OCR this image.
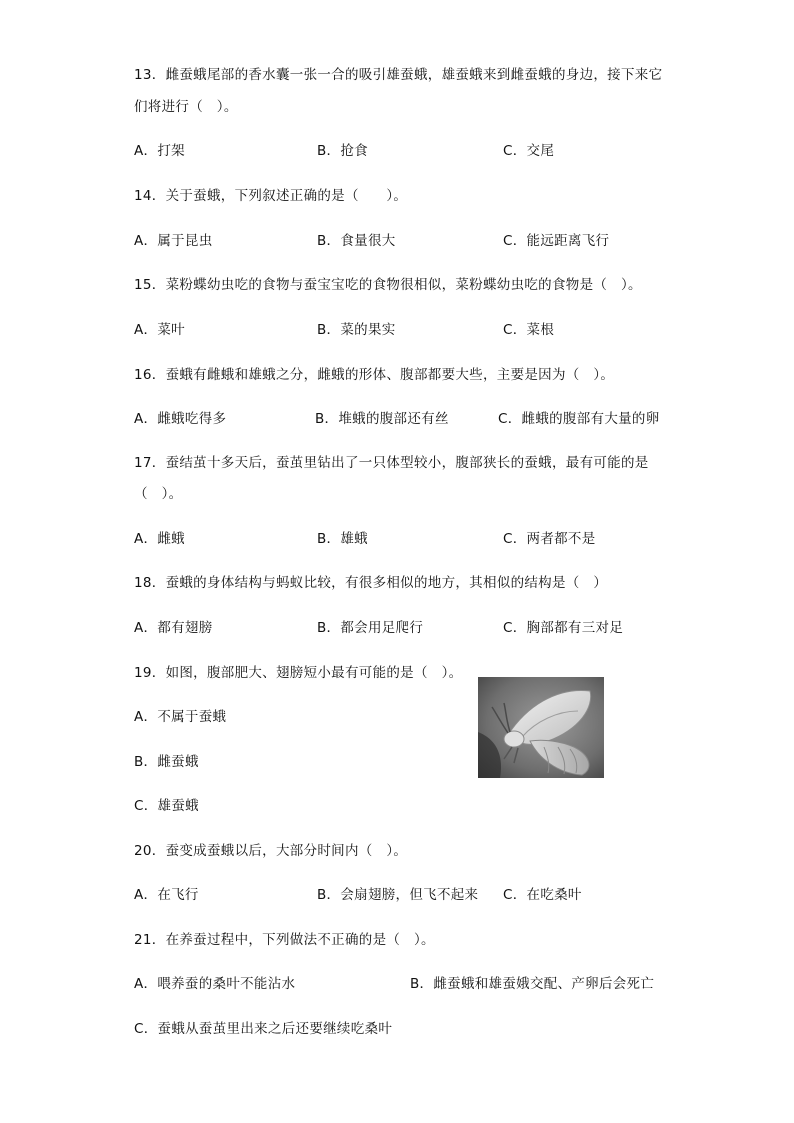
13．雌蚕蛾尾部的香水囊一张一合的吸引雄蚕蛾，雄蚕蛾来到雌蚕蛾的身边，接下来它
们将进行（　）。
A．打架	B．抢食	C．交尾
14．关于蚕蛾，下列叙述正确的是（　　）。
A．属于昆虫	B．食量很大	C．能远距离飞行
15．菜粉蝶幼虫吃的食物与蚕宝宝吃的食物很相似，菜粉蝶幼虫吃的食物是（　）。
A．菜叶	B．菜的果实	C．菜根
16．蚕蛾有雌蛾和雄蛾之分，雌蛾的形体、腹部都要大些，主要是因为（　）。
A．雌蛾吃得多	B．堆蛾的腹部还有丝	C．雌蛾的腹部有大量的卵
17．蚕结茧十多天后，蚕茧里钻出了一只体型较小，腹部狭长的蚕蛾，最有可能的是
（　）。
A．雌蛾	B．雄蛾	C．两者都不是
18．蚕蛾的身体结构与蚂蚁比较，有很多相似的地方，其相似的结构是（　）
A．都有翅膀	B．都会用足爬行	C．胸部都有三对足
19．如图，腹部肥大、翅膀短小最有可能的是（　）。
A．不属于蚕蛾
B．雌蚕蛾
C．雄蚕蛾
20．蚕变成蚕蛾以后，大部分时间内（　）。
A．在飞行	B．会扇翅膀，但飞不起来 C．在吃桑叶
21．在养蚕过程中，下列做法不正确的是（　）。
A．喂养蚕的桑叶不能沾水	B．雌蚕蛾和雄蚕娥交配、产卵后会死亡
C．蚕蛾从蚕茧里出来之后还要继续吃桑叶
